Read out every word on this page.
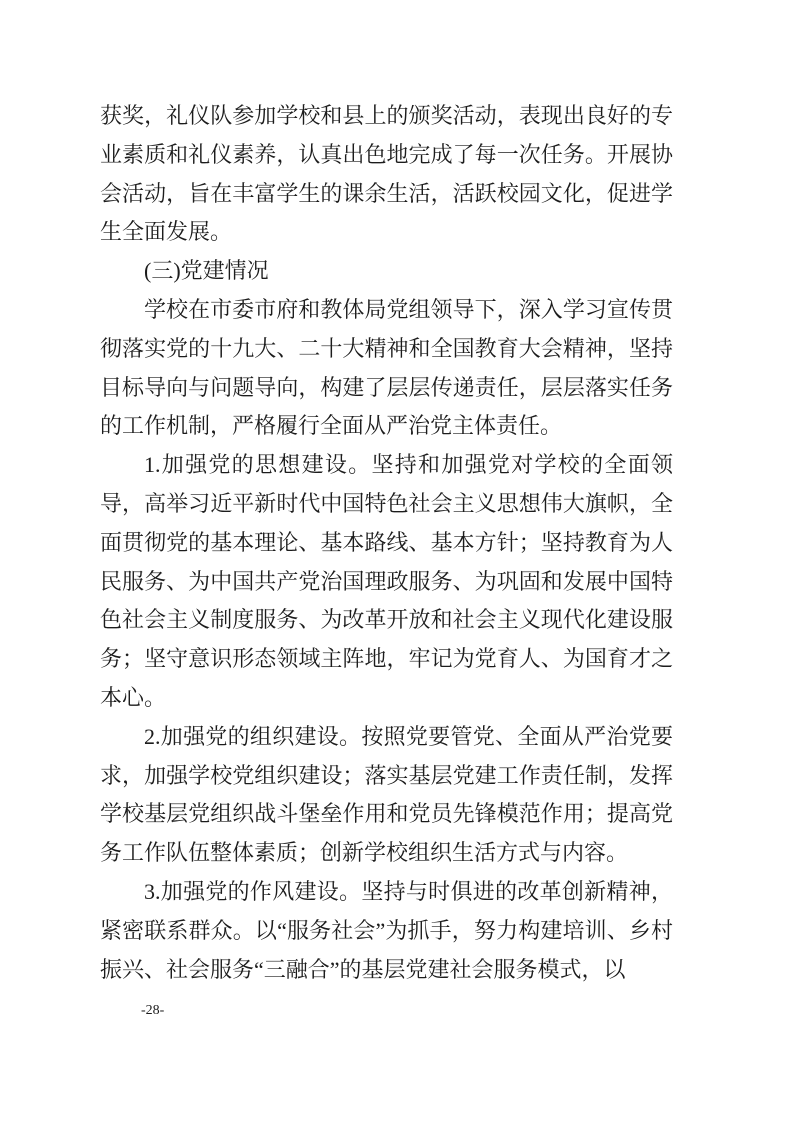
获奖，礼仪队参加学校和县上的颁奖活动，表现出良好的专业素质和礼仪素养，认真出色地完成了每一次任务。开展协会活动，旨在丰富学生的课余生活，活跃校园文化，促进学生全面发展。

(三)党建情况

学校在市委市府和教体局党组领导下，深入学习宣传贯彻落实党的十九大、二十大精神和全国教育大会精神，坚持目标导向与问题导向，构建了层层传递责任，层层落实任务的工作机制，严格履行全面从严治党主体责任。

1.加强党的思想建设。坚持和加强党对学校的全面领导，高举习近平新时代中国特色社会主义思想伟大旗帜，全面贯彻党的基本理论、基本路线、基本方针；坚持教育为人民服务、为中国共产党治国理政服务、为巩固和发展中国特色社会主义制度服务、为改革开放和社会主义现代化建设服务；坚守意识形态领域主阵地，牢记为党育人、为国育才之本心。

2.加强党的组织建设。按照党要管党、全面从严治党要求，加强学校党组织建设；落实基层党建工作责任制，发挥学校基层党组织战斗堡垒作用和党员先锋模范作用；提高党务工作队伍整体素质；创新学校组织生活方式与内容。

3.加强党的作风建设。坚持与时俱进的改革创新精神，紧密联系群众。以“服务社会”为抓手，努力构建培训、乡村振兴、社会服务“三融合”的基层党建社会服务模式，以

-28-
